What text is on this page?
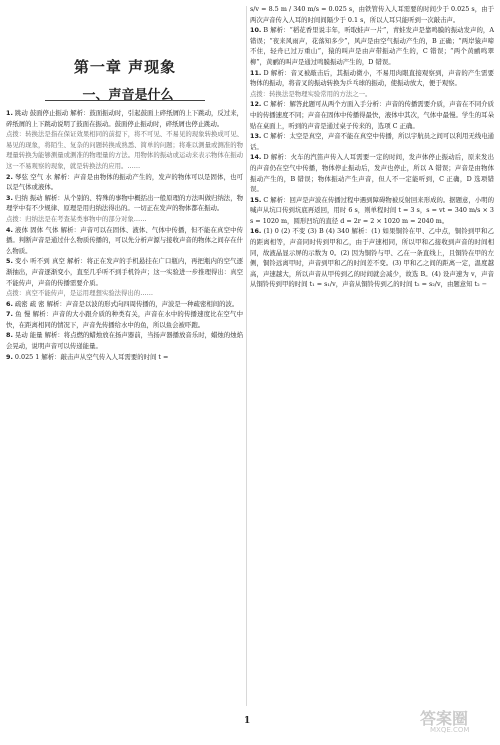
第一章 声现象
一、声音是什么

1. 跳动 鼓面停止振动 解析：鼓面振动时，引起鼓面上碎纸屑的上下跳动，反过来，碎纸屑的上下跳动说明了鼓面在振动。鼓面停止振动时，碎纸屑也停止跳动。

点拨：转换法是指在保证效果相同的前提下，将不可见、不易见的现象转换成可见、易见的现象，将陌生、复杂的问题转换成熟悉、简单的问题；将难以测量或测准的物理量转换为能够测量或测准的物理量的方法。用物体的振动或运动来表示物体在振动这一不易观察的现象，就是转换法的应用。……

2. 琴弦 空气 水 解析：声音是由物体的振动产生的，发声的物体可以是固体，也可以是气体或液体。

3. 归纳 振动 解析：从个别的、特殊的事物中概括出一般原理的方法叫做归纳法，物理学中有不少规律、原理是用归纳法得出的。一切正在发声的物体都在振动。

点拨：归纳法是在考查某类事物中的部分对象……

4. 液体 固体 气体 解析：声音可以在固体、液体、气体中传播，但不能在真空中传播。判断声音是通过什么物质传播的，可以先分析声源与接收声音的物体之间存在什么物质。

5. 变小 听不到 真空 解析：将正在发声的手机悬挂在广口瓶内，再把瓶内的空气逐渐抽出，声音逐渐变小，直至几乎听不到手机铃声；这一实验进一步推理得出：真空不能传声，声音的传播需要介质。

点拨：真空不能传声，是运用理想实验法得出的……

6. 疏密 疏 密 解析：声音是以波的形式向四周传播的，声波是一种疏密相间的波。

7. 鱼 慢 解析：声音的大小跟介质的种类有关，声音在水中的传播速度比在空气中快，在距离相同的情况下，声音先传播给水中的鱼，所以鱼会被吓跑。

8. 晃动 能量 解析：将点燃的蜡烛放在扬声器前，当扬声器播放音乐时，蜡烛的烛焰会晃动，说明声音可以传递能量。

9. 0.025 1 解析：敲击声从空气传入人耳需要的时间 t =

s/v = 8.5 m / 340 m/s = 0.025 s，由铁管传入人耳需要的时间少于 0.025 s，由于两次声音传入人耳的时间间隔少于 0.1 s，所以人耳只能听到一次敲击声。

10. B 解析：“稻花香里说丰年，听取蛙声一片”，青蛙发声是靠鸣膜的振动发声的，A 错误；“夜来风雨声，花落知多少”，风声是由空气振动产生的，B 正确；“两岸猿声啼不住，轻舟已过万重山”，猿的叫声是由声带振动产生的，C 错误；“两个黄鹂鸣翠柳”，黄鹂的叫声是通过鸣膜振动产生的，D 错误。

11. D 解析：音叉被敲击后，其振动微小，不易用肉眼直接观察到，声音的产生需要物体的振动，将音叉的振动转换为乒乓球的振动，使振动放大，便于观察。

点拨：转换法是物理实验常用的方法之一。

12. C 解析：解答此题可从两个方面入手分析：声音的传播需要介质，声音在不同介质中的传播速度不同；声音在固体中传播得最快，液体中其次，气体中最慢。学生的耳朵贴在桌面上，听到的声音是通过桌子传来的，选项 C 正确。

13. C 解析：太空是真空，声音不能在真空中传播，所以宇航员之间可以利用无线电通话。

14. D 解析：火车的汽笛声传入人耳需要一定的时间，发声体停止振动后，原来发出的声音仍在空气中传播，物体停止振动后，发声也停止，所以 A 错误；声音是由物体振动产生的，B 错误；物体振动产生声音，但人不一定能听到，C 正确，D 选项错误。

15. C 解析：回声是声波在传播过程中遇到障碍物被反射回来形成的。据题意，小明的喊声从坑口传到坑底再返回，用时 6 s，则单程时间 t = 3 s，s = vt = 340 m/s × 3 s = 1020 m，圆形凹坑的直径 d = 2r = 2 × 1020 m = 2040 m。

16. (1) 0 (2) 不变 (3) B (4) 340 解析：(1) 如果铜铃在甲、乙中点，铜铃到甲和乙的距离相等，声音同时传到甲和乙，由于声速相同，所以甲和乙接收到声音的时间相同，故液晶显示屏的示数为 0。(2) 因为铜铃与甲、乙在一条直线上，且铜铃在甲的左侧，铜铃远离甲时，声音到甲和乙的时间差不变。(3) 甲和乙之间的距离一定，温度越高，声速越大，所以声音从甲传到乙的时间就会减少，故选 B。(4) 设声速为 v，声音从铜铃传到甲的时间 t₁ = s₁/v，声音从铜铃传到乙的时间 t₂ = s₂/v，由题意知 t₂ −

1	答案圈
MXQE.COM
